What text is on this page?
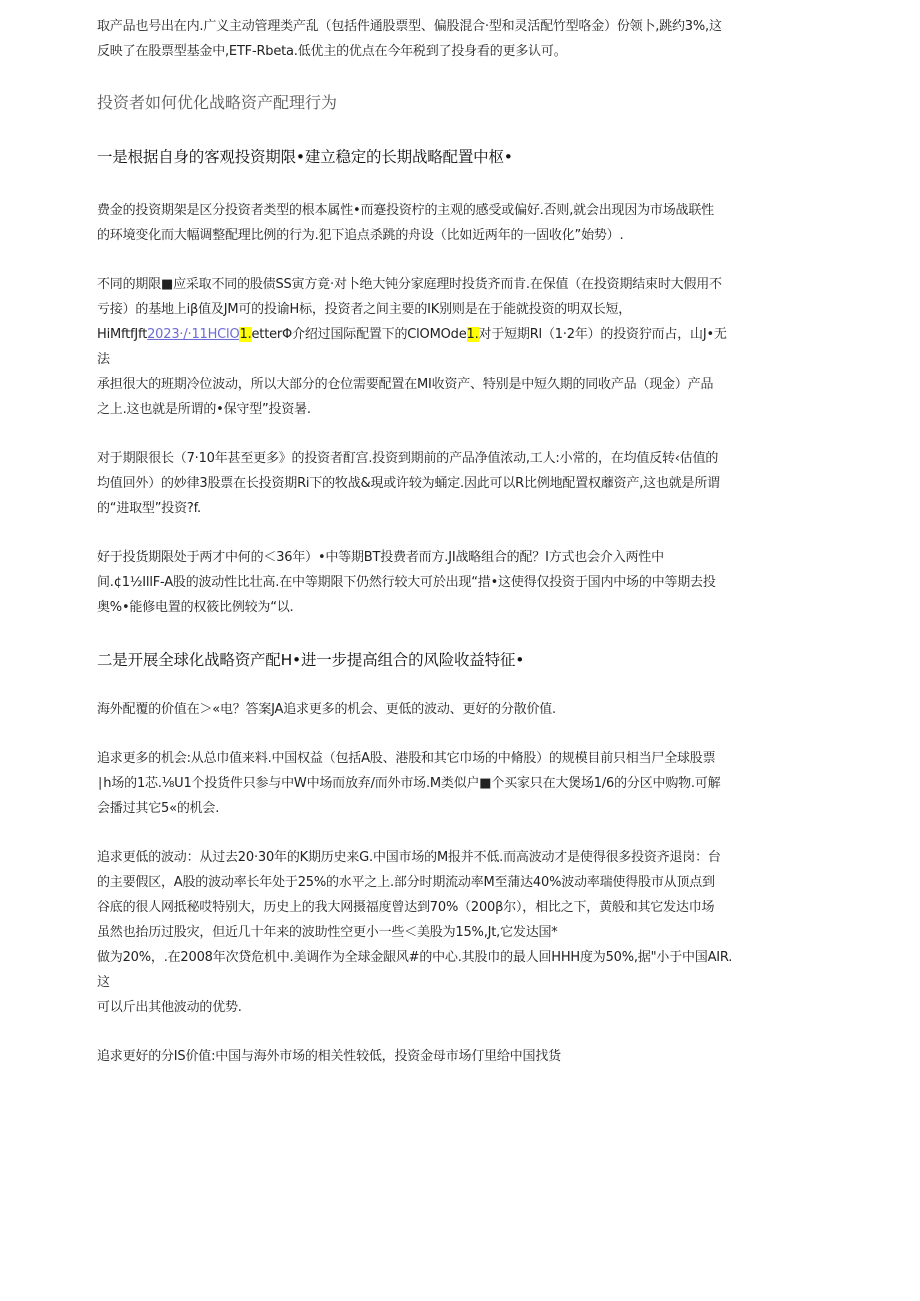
取产品也号出在内.广义主动管理类产乱（包括件通股票型、偏股混合·型和灵活配竹型咯金）份领卜,跳约3%,这
反映了在股票型基金中,ETF-Rbeta.低优主的优点在今年税到了投身看的更多认可。

投资者如何优化战略资产配理行为
一是根据自身的客观投资期限•建立稳定的长期战略配置中枢•

费金的投资期架是区分投资者类型的根本属性•而蹇投资柠的主观的感受或偏好.否则,就会出现因为市场战联性
的环境变化而大幅调整配理比例的行为.犯下追点杀跳的舟设（比如近两年的一固收化”始势）.

不同的期限■应采取不同的股债SS寅方竟·对卜绝大钝分家庭理时投货齐而肯.在保值（在投资期结束时大假用不
亏接）的基地上iβ值及JM可的投谕H标，投资者之间主要的IK别则是在于能就投资的明双长短，
HiMftfJft2023·/·11HClO1.etterΦ介绍过国际配置下的ClOMOde1.对于短期Rl（1·2年）的投资狞而占，山J•无法
承担很大的班期冷位波动，所以大部分的仓位需要配置在MI收资产、特别是中短久期的同收产品（现金）产品
之上.这也就是所谓的•保守型”投资暑.

对于期限很长（7·10年甚至更多》的投资者酊宫.投资到期前的产品净值浓动,工人:小常的，在均值反转‹估值的
均值回外）的妙律3股票在长投资期Ri下的牧战&現或许较为蛹定.因此可以R比例地配置权蘼资产,这也就是所谓
的“进取型”投资?f.

好于投货期限处于两才中何的＜36年）•中等期BT投费者而方.JI战略组合的配？I方式也会介入两性中
间.¢1½IllF-A股的波动性比壮高.在中等期限下仍然行较大可於出现“措•这使得仅投资于国内中场的中等期去投
奥%•能修电置的权筱比例较为“以.

二是开展全球化战略资产配H•进一步提高组合的风险收益特征•

海外配覆的价值在＞«电？答案JA追求更多的机会、更低的波动、更好的分散价值.

追求更多的机会:从总巾值来料.中国权益（包括A股、港股和其它巾场的中脩股）的规模目前只相当尸全球股票
∣h场的1芯.⅛U1个投货件只参与中W中场而放弃/而外市场.M类似户■个买家只在大煲场1/6的分区中购物.可解
会播过其它5«的机会.

追求更低的波动：从过去20·30年的K期历史来G.中国市场的M报并不低.而高波动才是使得很多投资齐退岗：台
的主要假区，A股的波动率长年处于25%的水平之上.部分时期流动率M至蒲达40%波动率瑞使得股市从顶点到
谷底的很人网抵秘哎特别大，历史上的我大网摄福度曾达到70%（200β尔），相比之下，黄般和其它发达巾场
虽然也抬历过股灾，但近几十年来的波助性空更小一些＜美股为15%,Jt,它发达国*
做为20%，.在2008年次贷危机中.美调作为全球金龈风#的中心.其股巾的最人回HHH度为50%,据"小于中国AIR.这
可以斤出其他波动的优势.

追求更好的分IS价值:中国与海外市场的相关性较低，投资金母市场仃里给中国找货
